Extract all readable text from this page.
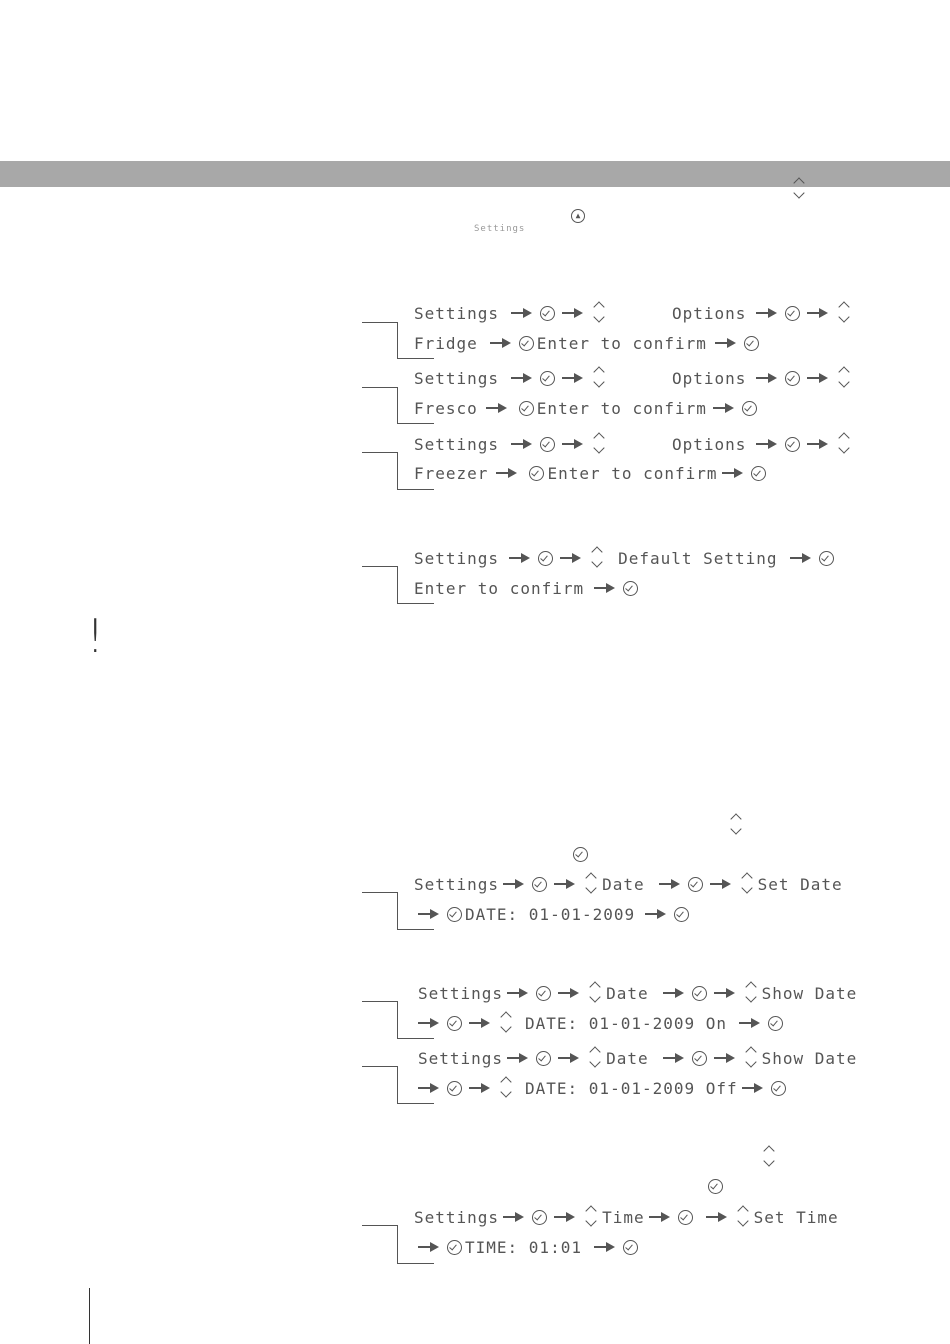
Settings
▲

Settings	Options
Fridge	Enter to confirm
Settings	Options
Fresco	Enter to confirm
Settings	Options
Freezer	Enter to confirm
Settings	Default Setting
Enter to confirm
!

Settings	Date	Set Date
DATE: 01-01-2009
Settings	Date	Show Date
DATE: 01-01-2009 On
Settings	Date	Show Date
DATE: 01-01-2009 Off

Settings	Time	Set Time
TIME: 01:01
